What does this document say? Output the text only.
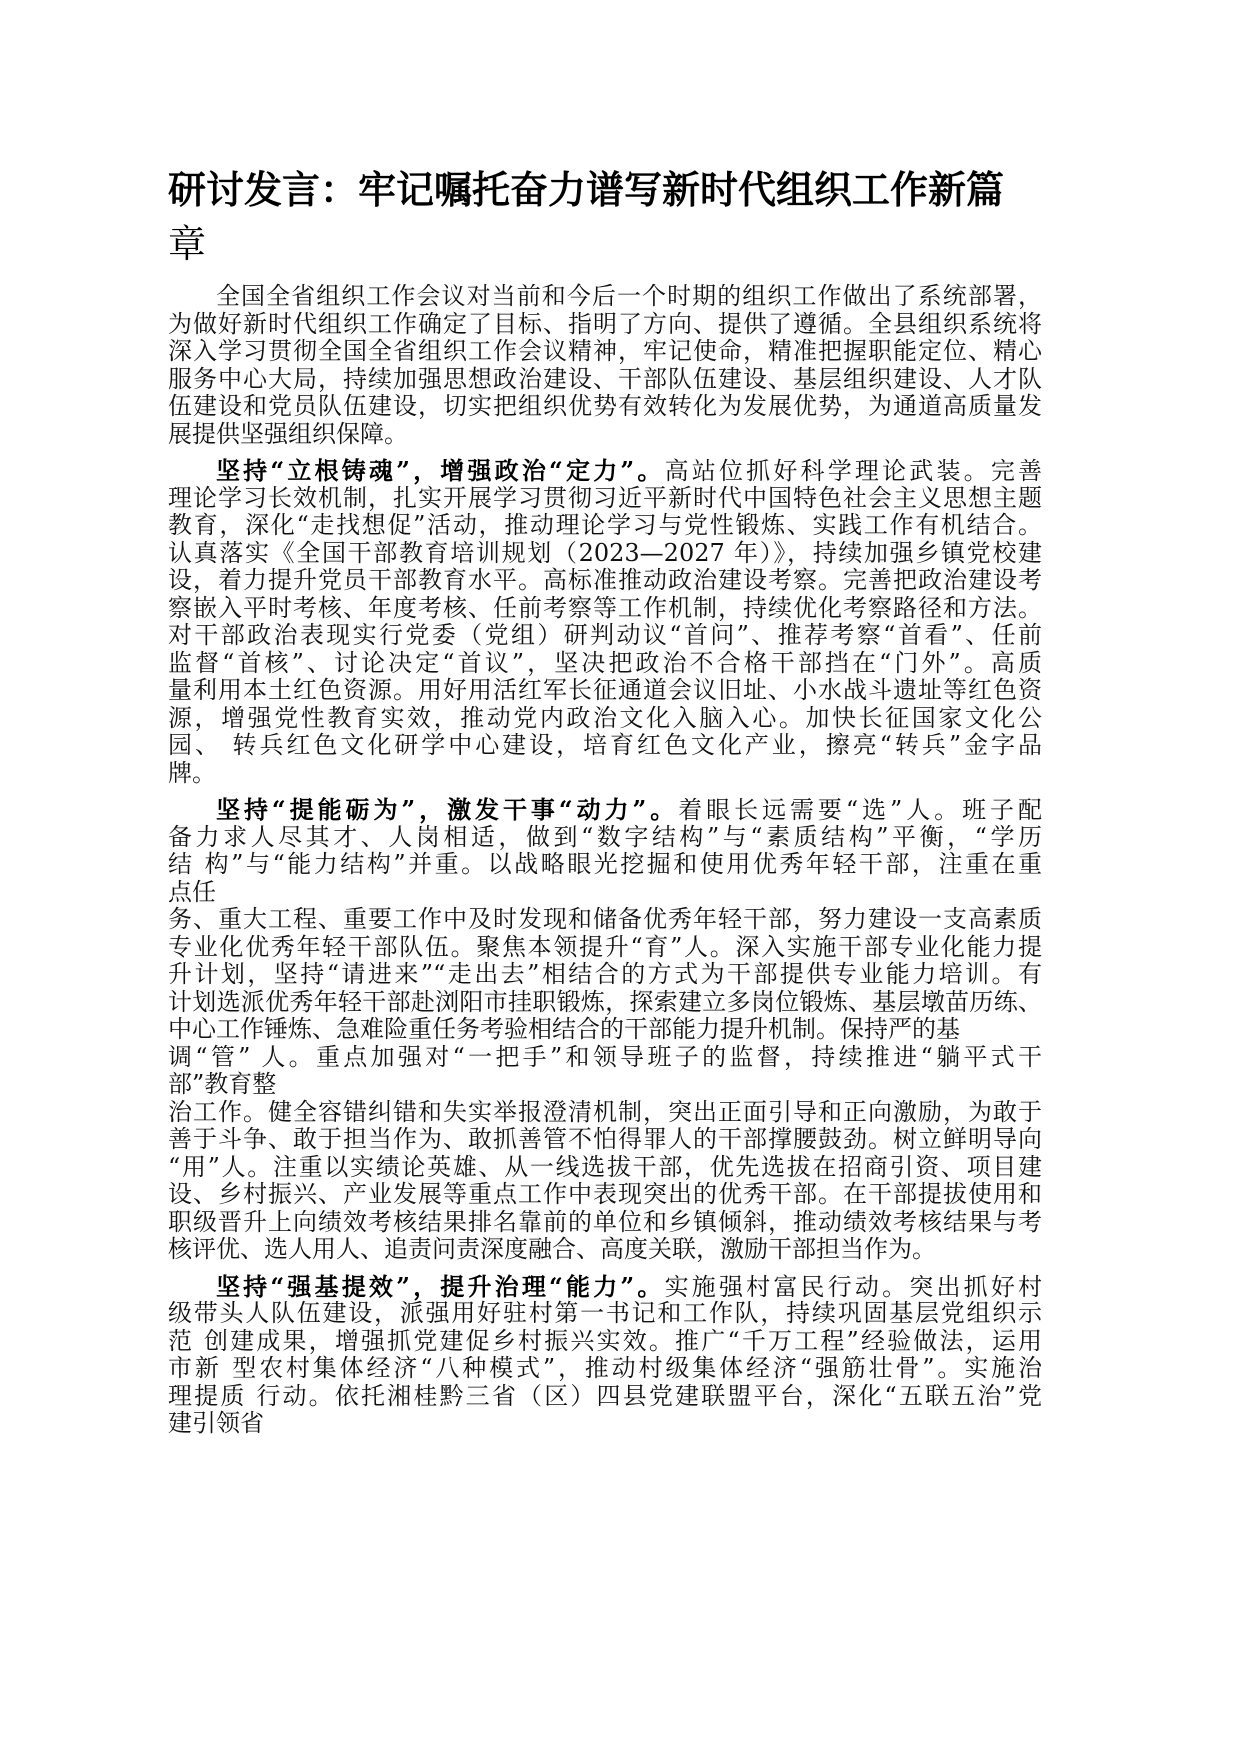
研讨发言：牢记嘱托奋力谱写新时代组织工作新篇
章
全国全省组织工作会议对当前和今后一个时期的组织工作做出了系统部署，
为做好新时代组织工作确定了目标、指明了方向、提供了遵循。全县组织系统将
深入学习贯彻全国全省组织工作会议精神，牢记使命，精准把握职能定位、精心
服务中心大局，持续加强思想政治建设、干部队伍建设、基层组织建设、人才队
伍建设和党员队伍建设，切实把组织优势有效转化为发展优势，为通道高质量发
展提供坚强组织保障。
坚持“立根铸魂”，增强政治“定力”。高站位抓好科学理论武装。完善
理论学习长效机制，扎实开展学习贯彻习近平新时代中国特色社会主义思想主题
教育，深化“走找想促”活动，推动理论学习与党性锻炼、实践工作有机结合。
认真落实《全国干部教育培训规划（2023—2027 年）》，持续加强乡镇党校建
设，着力提升党员干部教育水平。高标准推动政治建设考察。完善把政治建设考
察嵌入平时考核、年度考核、任前考察等工作机制，持续优化考察路径和方法。
对干部政治表现实行党委（党组）研判动议“首问”、推荐考察“首看”、任前
监督“首核”、讨论决定“首议”，坚决把政治不合格干部挡在“门外”。高质
量利用本土红色资源。用好用活红军长征通道会议旧址、小水战斗遗址等红色资
源，增强党性教育实效，推动党内政治文化入脑入心。加快长征国家文化公
园、 转兵红色文化研学中心建设，培育红色文化产业，擦亮“转兵”金字品
牌。
坚持“提能砺为”，激发干事“动力”。着眼长远需要“选”人。班子配
备力求人尽其才、人岗相适，做到“数字结构”与“素质结构”平衡，“学历
结 构”与“能力结构”并重。以战略眼光挖掘和使用优秀年轻干部，注重在重
点任
务、重大工程、重要工作中及时发现和储备优秀年轻干部，努力建设一支高素质
专业化优秀年轻干部队伍。聚焦本领提升“育”人。深入实施干部专业化能力提
升计划，坚持“请进来”“走出去”相结合的方式为干部提供专业能力培训。有
计划选派优秀年轻干部赴浏阳市挂职锻炼，探索建立多岗位锻炼、基层墩苗历练、
中心工作锤炼、急难险重任务考验相结合的干部能力提升机制。保持严的基
调“管” 人。重点加强对“一把手”和领导班子的监督，持续推进“躺平式干
部”教育整
治工作。健全容错纠错和失实举报澄清机制，突出正面引导和正向激励，为敢于
善于斗争、敢于担当作为、敢抓善管不怕得罪人的干部撑腰鼓劲。树立鲜明导向
“用”人。注重以实绩论英雄、从一线选拔干部，优先选拔在招商引资、项目建
设、乡村振兴、产业发展等重点工作中表现突出的优秀干部。在干部提拔使用和
职级晋升上向绩效考核结果排名靠前的单位和乡镇倾斜，推动绩效考核结果与考
核评优、选人用人、追责问责深度融合、高度关联，激励干部担当作为。
坚持“强基提效”，提升治理“能力”。实施强村富民行动。突出抓好村
级带头人队伍建设，派强用好驻村第一书记和工作队，持续巩固基层党组织示
范 创建成果，增强抓党建促乡村振兴实效。推广“千万工程”经验做法，运用
市新 型农村集体经济“八种模式”，推动村级集体经济“强筋壮骨”。实施治
理提质 行动。依托湘桂黔三省（区）四县党建联盟平台，深化“五联五治”党
建引领省
